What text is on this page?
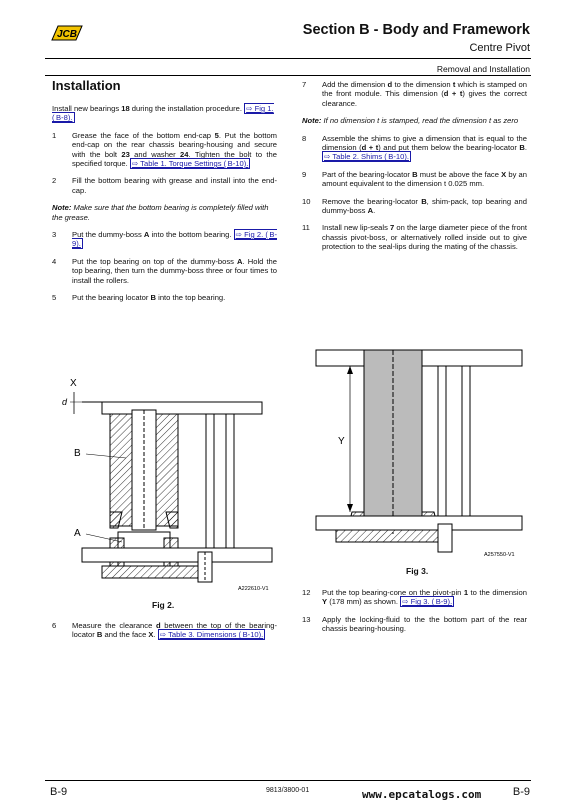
JCB	Section B - Body and Framework
Centre Pivot
Removal and Installation
Installation

Install new bearings 18 during the installation procedure. ⇨ Fig 1. ( B-8).

1	Grease the face of the bottom end-cap 5. Put the bottom end-cap on the rear chassis bearing-housing and secure with the bolt 23 and washer 24. Tighten the bolt to the specified torque. ⇨ Table 1. Torque Settings ( B-10).
2	Fill the bottom bearing with grease and install into the end-cap.

Note: Make sure that the bottom bearing is completely filled with the grease.

3	Put the dummy-boss A into the bottom bearing. ⇨ Fig 2. ( B-9).
4	Put the top bearing on top of the dummy-boss A. Hold the top bearing, then turn the dummy-boss three or four times to install the rollers.
5	Put the bearing locator B into the top bearing.
X
d
B
A
A222610-V1
Fig 2.
6	Measure the clearance d between the top of the bearing-locator B and the face X. ⇨ Table 3. Dimensions ( B-10).
7	Add the dimension d to the dimension t which is stamped on the front module. This dimension (d + t) gives the correct clearance.

Note: If no dimension t is stamped, read the dimension t as zero

8	Assemble the shims to give a dimension that is equal to the dimension (d + t) and put them below the bearing-locator B. ⇨ Table 2. Shims ( B-10).
9	Part of the bearing-locator B must be above the face X by an amount equivalent to the dimension t 0.025 mm.
10	Remove the bearing-locator B, shim-pack, top bearing and dummy-boss A.
11	Install new lip-seals 7 on the large diameter piece of the front chassis pivot-boss, or alternatively rolled inside out to give protection to the seal-lips during the mating of the chassis.
Y
A257550-V1
Fig 3.
12	Put the top bearing-cone on the pivot-pin 1 to the dimension Y (178 mm) as shown. ⇨ Fig 3. ( B-9).
13	Apply the locking-fluid to the the bottom part of the rear chassis bearing-housing.
B-9	9813/3800-01	www.epcatalogs.com	B-9
